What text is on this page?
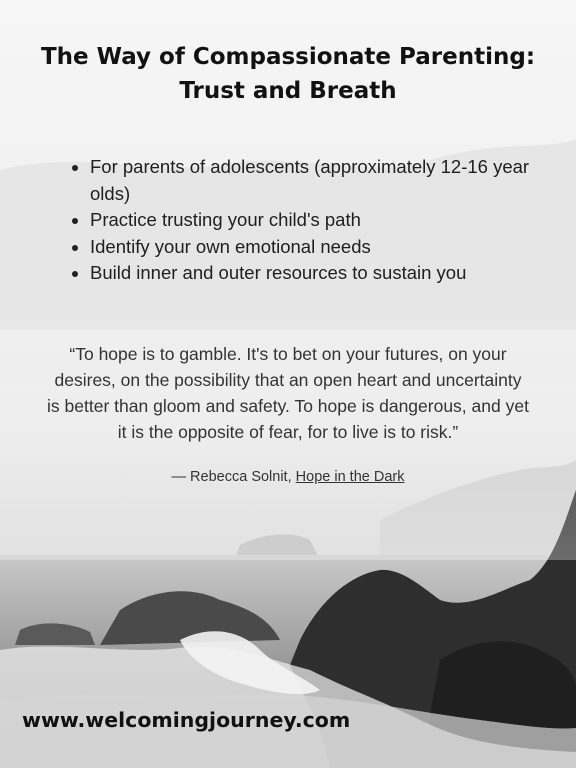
The Way of Compassionate Parenting:
Trust and Breath
• For parents of adolescents (approximately 12-16 year olds)
• Practice trusting your child's path
• Identify your own emotional needs
• Build inner and outer resources to sustain you

“To hope is to gamble. It's to bet on your futures, on your desires, on the possibility that an open heart and uncertainty is better than gloom and safety. To hope is dangerous, and yet it is the opposite of fear, for to live is to risk.”

— Rebecca Solnit, Hope in the Dark
www.welcomingjourney.com
